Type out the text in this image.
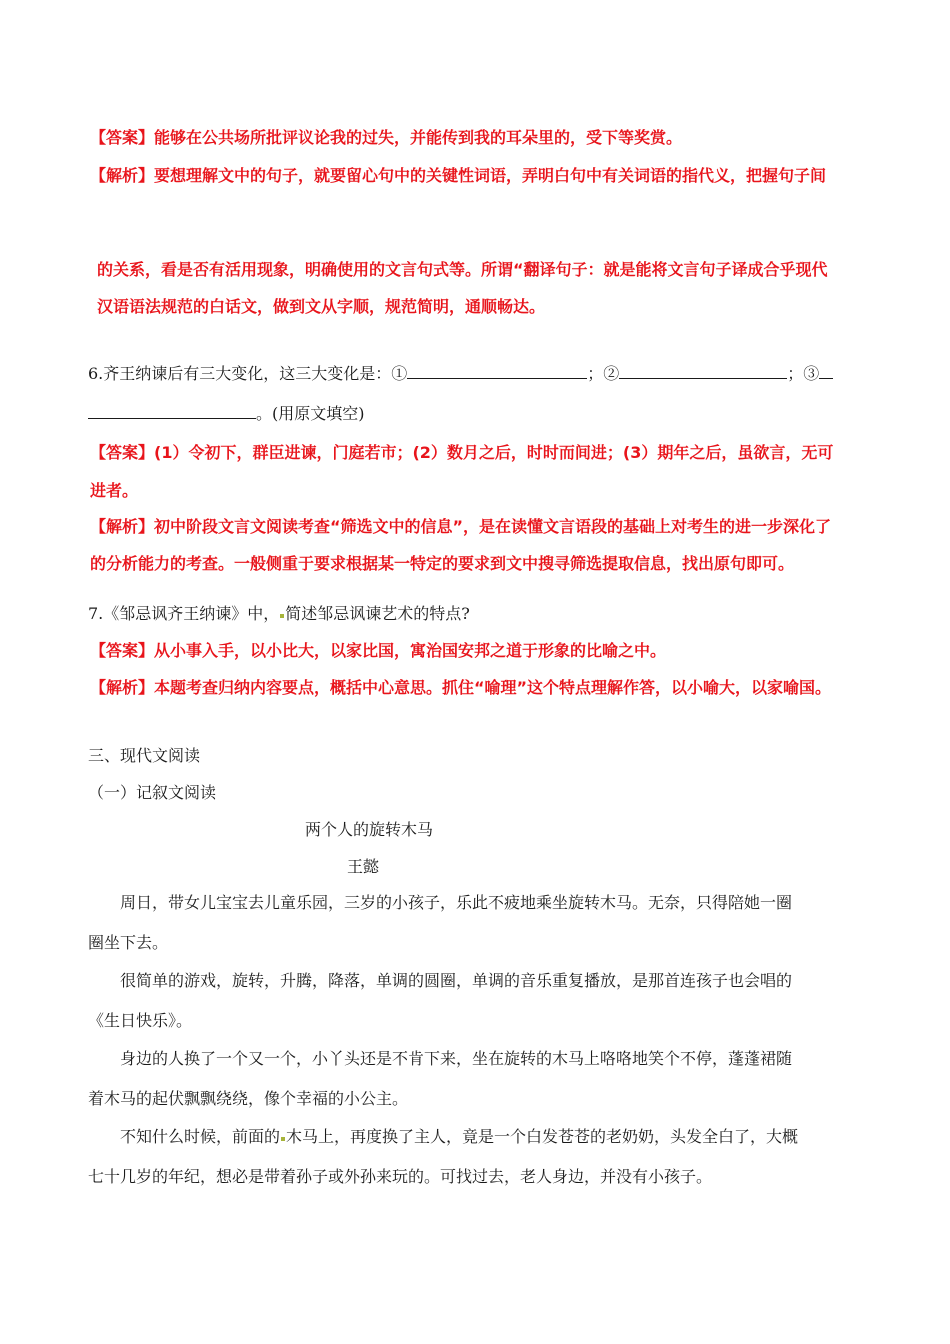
【答案】能够在公共场所批评议论我的过失，并能传到我的耳朵里的，受下等奖赏。
【解析】要想理解文中的句子，就要留心句中的关键性词语，弄明白句中有关词语的指代义，把握句子间
的关系，看是否有活用现象，明确使用的文言句式等。所谓“翻译句子：就是能将文言句子译成合乎现代
汉语语法规范的白话文，做到文从字顺，规范简明，通顺畅达。
6.齐王纳谏后有三大变化，这三大变化是：①	；②	；③
。(用原文填空)
【答案】(1）令初下，群臣进谏，门庭若市；(2）数月之后，时时而间进；(3）期年之后，虽欲言，无可
进者。
【解析】初中阶段文言文阅读考查“筛选文中的信息”，是在读懂文言语段的基础上对考生的进一步深化了
的分析能力的考查。一般侧重于要求根据某一特定的要求到文中搜寻筛选提取信息，找出原句即可。
7.《邹忌讽齐王纳谏》中， 简述邹忌讽谏艺术的特点?
【答案】从小事入手，以小比大，以家比国，寓治国安邦之道于形象的比喻之中。
【解析】本题考查归纳内容要点，概括中心意思。抓住“喻理”这个特点理解作答，以小喻大，以家喻国。
三、现代文阅读
（一）记叙文阅读
两个人的旋转木马
王懿
周日，带女儿宝宝去儿童乐园，三岁的小孩子，乐此不疲地乘坐旋转木马。无奈，只得陪她一圈
圈坐下去。
很简单的游戏，旋转，升腾，降落，单调的圆圈，单调的音乐重复播放，是那首连孩子也会唱的
《生日快乐》。
身边的人换了一个又一个，小丫头还是不肯下来，坐在旋转的木马上咯咯地笑个不停，蓬蓬裙随
着木马的起伏飘飘绕绕，像个幸福的小公主。
不知什么时候，前面的 木马上，再度换了主人，竟是一个白发苍苍的老奶奶，头发全白了，大概
七十几岁的年纪，想必是带着孙子或外孙来玩的。可找过去，老人身边，并没有小孩子。
